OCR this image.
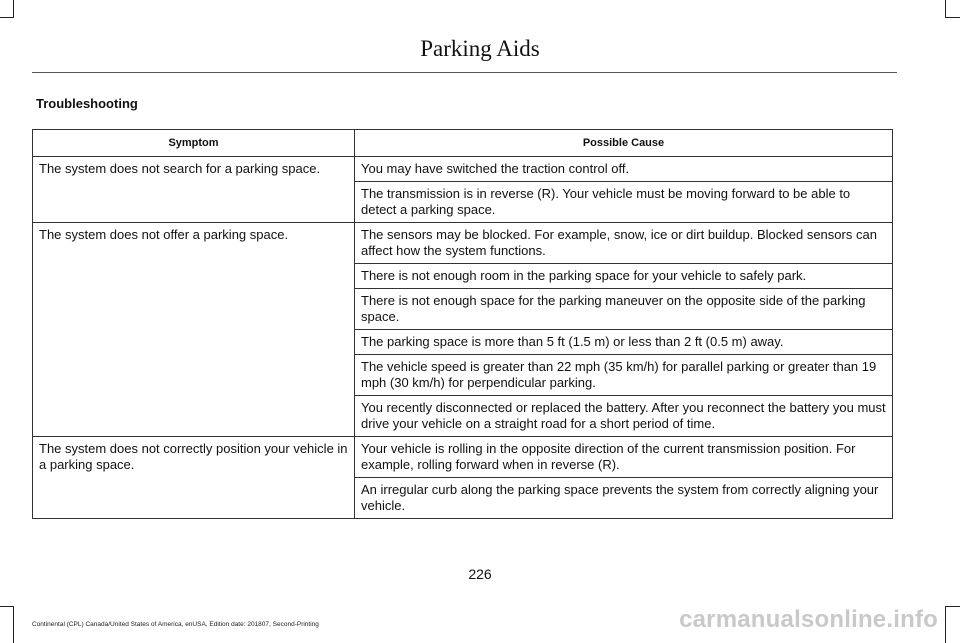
Parking Aids
Troubleshooting
Symptom	Possible Cause
The system does not search for a parking space.	You may have switched the traction control off.
	The transmission is in reverse (R). Your vehicle must be moving forward to be able to detect a parking space.
The system does not offer a parking space.	The sensors may be blocked. For example, snow, ice or dirt buildup. Blocked sensors can affect how the system functions.
	There is not enough room in the parking space for your vehicle to safely park.
	There is not enough space for the parking maneuver on the opposite side of the parking space.
	The parking space is more than 5 ft (1.5 m) or less than 2 ft (0.5 m) away.
	The vehicle speed is greater than 22 mph (35 km/h) for parallel parking or greater than 19 mph (30 km/h) for perpendicular parking.
	You recently disconnected or replaced the battery. After you reconnect the battery you must drive your vehicle on a straight road for a short period of time.
The system does not correctly position your vehicle in a parking space.	Your vehicle is rolling in the opposite direction of the current transmission position. For example, rolling forward when in reverse (R).
	An irregular curb along the parking space prevents the system from correctly aligning your vehicle.
226
Continental (CPL) Canada/United States of America, enUSA, Edition date: 201807, Second-Printing	carmanualsonline.info
